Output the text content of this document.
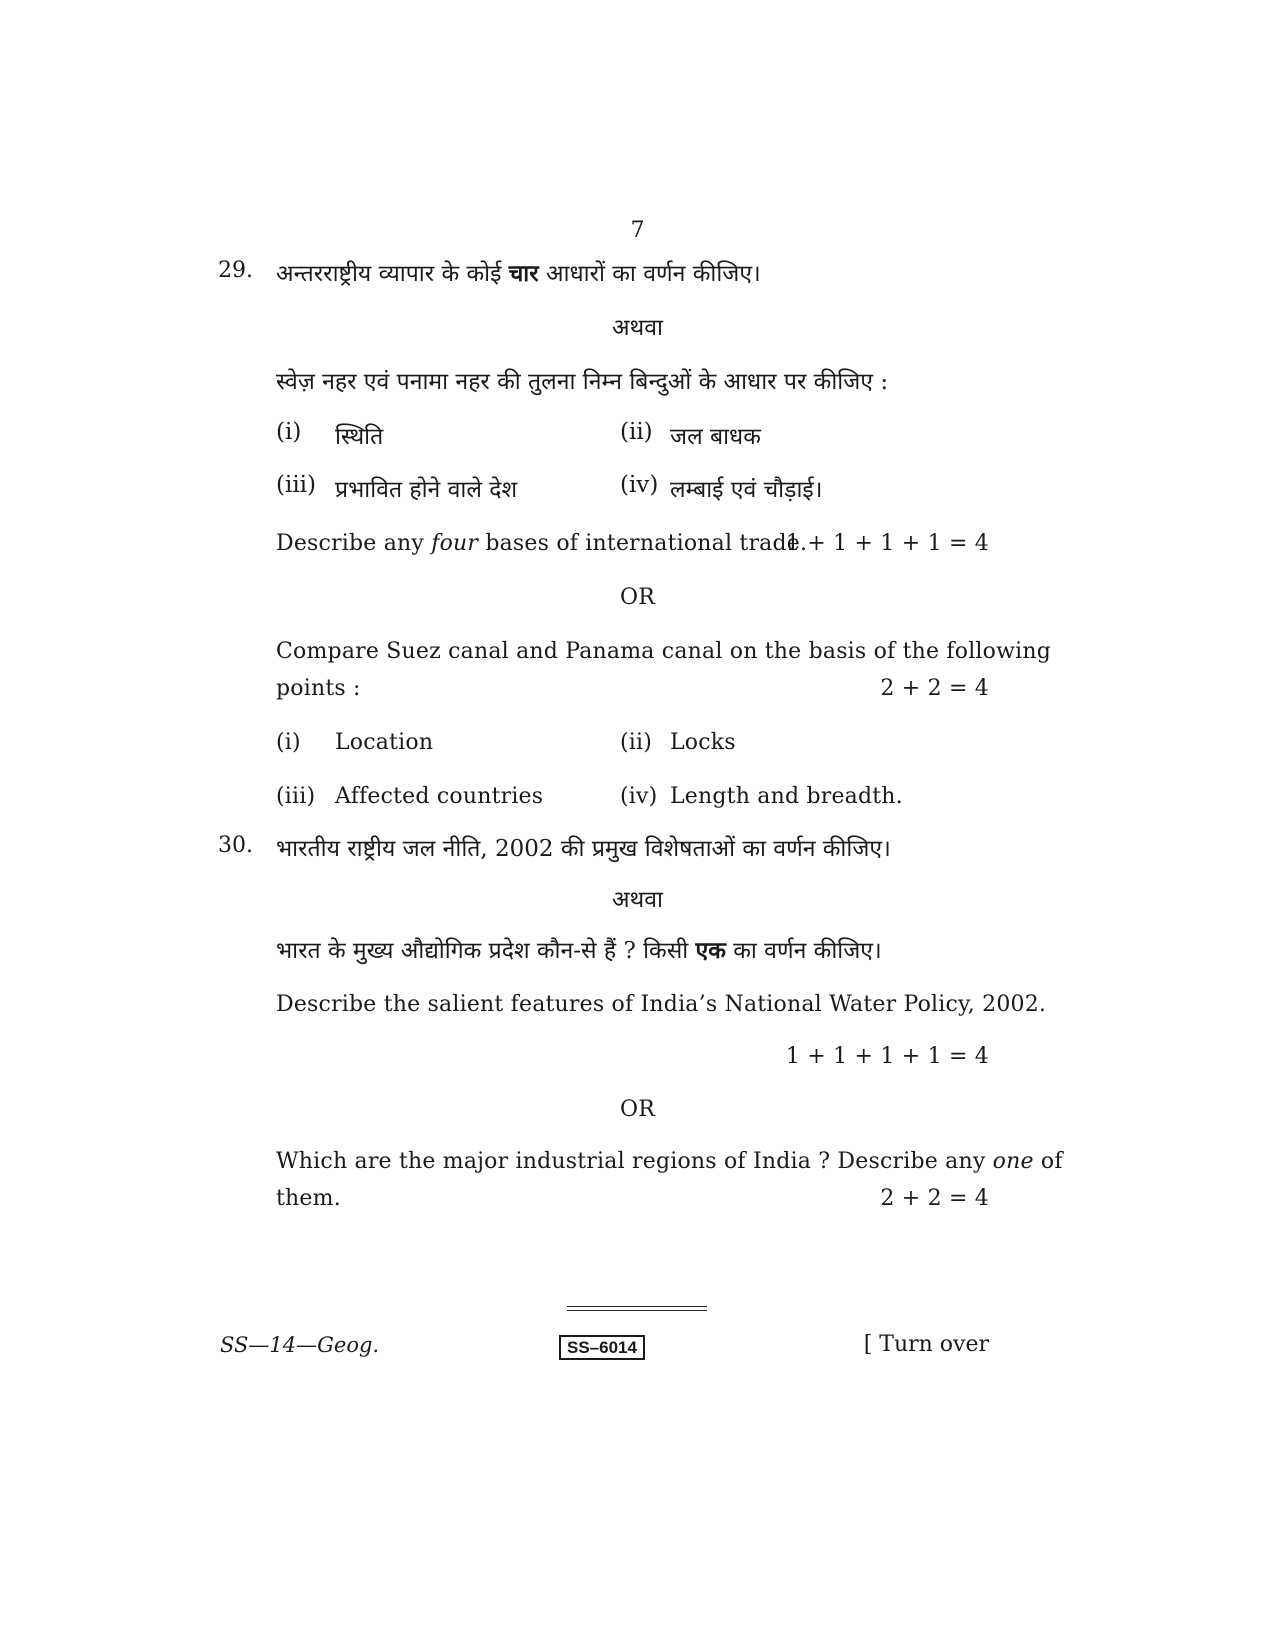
7
29. अन्तरराष्ट्रीय व्यापार के कोई चार आधारों का वर्णन कीजिए।
अथवा
स्वेज़ नहर एवं पनामा नहर की तुलना निम्न बिन्दुओं के आधार पर कीजिए :
(i) स्थिति	(ii) जल बाधक
(iii) प्रभावित होने वाले देश	(iv) लम्बाई एवं चौड़ाई।
Describe any four bases of international trade.
1 + 1 + 1 + 1 = 4
OR
Compare Suez canal and Panama canal on the basis of the following
points :	2 + 2 = 4
(i) Location	(ii) Locks
(iii) Affected countries	(iv) Length and breadth.
30. भारतीय राष्ट्रीय जल नीति, 2002 की प्रमुख विशेषताओं का वर्णन कीजिए।
अथवा
भारत के मुख्य औद्योगिक प्रदेश कौन-से हैं ? किसी एक का वर्णन कीजिए।
Describe the salient features of India’s National Water Policy, 2002.
1 + 1 + 1 + 1 = 4
OR
Which are the major industrial regions of India ? Describe any one of
them.	2 + 2 = 4
SS—14—Geog.	SS–6014	[ Turn over
